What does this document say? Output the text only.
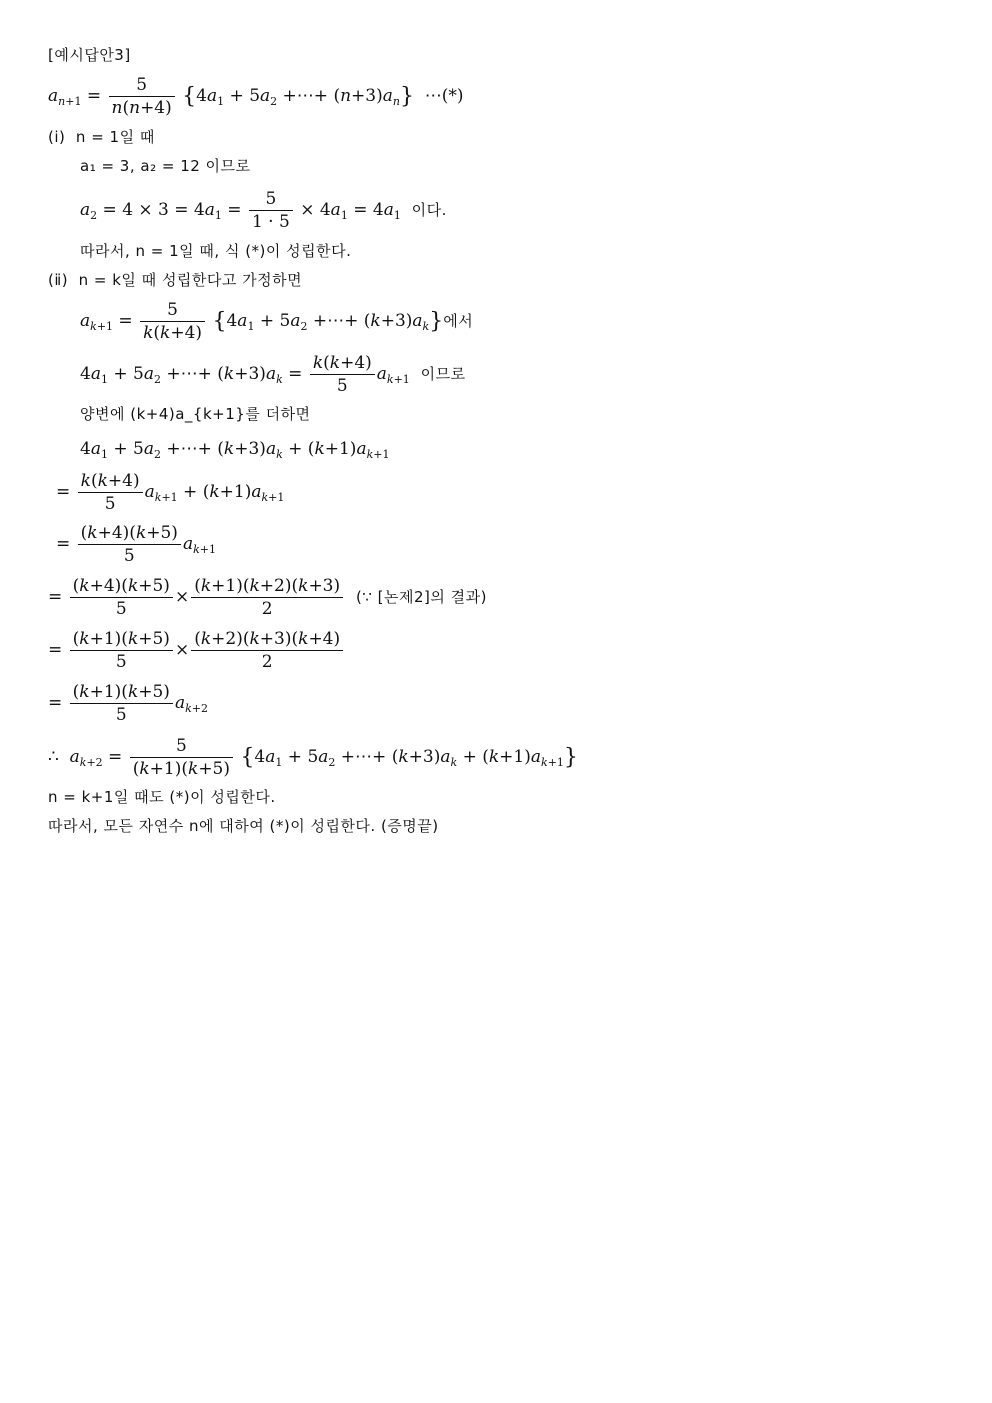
[예시답안3]
$a_{n+1} = \frac{5}{n(n+4)} \{4a_1 + 5a_2$ +⋯+ $(n+3)a_n$} ⋯(*)
(ⅰ) n = 1일 때
a₁ = 3, a₂ = 12 이므로
$a_2 = 4 \times 3 = 4a_1 = \frac{5}{1 \cdot 5} \times 4a_1 = 4a_1$ 이다.
따라서, n = 1일 때, 식 (*)이 성립한다.
(ⅱ) n = k일 때 성립한다고 가정하면
$a_{k+1} = \frac{5}{k(k+4)} \{4a_1 + 5a_2$ +⋯+ $(k+3)a_k$}에서
$4a_1 + 5a_2$ +⋯+ $(k+3)a_k = \frac{k(k+4)}{5} a_{k+1}$ 이므로
양변에 (k+4)a_{k+1}를 더하면
$4a_1 + 5a_2$ +⋯+ $(k+3)a_k + (k+1)a_{k+1}$
= $\frac{k(k+4)}{5} a_{k+1} + (k+1)a_{k+1}$
= $\frac{(k+4)(k+5)}{5} a_{k+1}$
= $\frac{(k+4)(k+5)}{5} \times \frac{(k+1)(k+2)(k+3)}{2}$ (∵ [논제2]의 결과)
= $\frac{(k+1)(k+5)}{5} \times \frac{(k+2)(k+3)(k+4)}{2}$
= $\frac{(k+1)(k+5)}{5} a_{k+2}$
∴  $a_{k+2} = \frac{5}{(k+1)(k+5)} \{4a_1 + 5a_2$ +⋯+ $(k+3)a_k + (k+1)a_{k+1}$}
n = k+1일 때도 (*)이 성립한다.
따라서, 모든 자연수 n에 대하여 (*)이 성립한다. (증명끝)
